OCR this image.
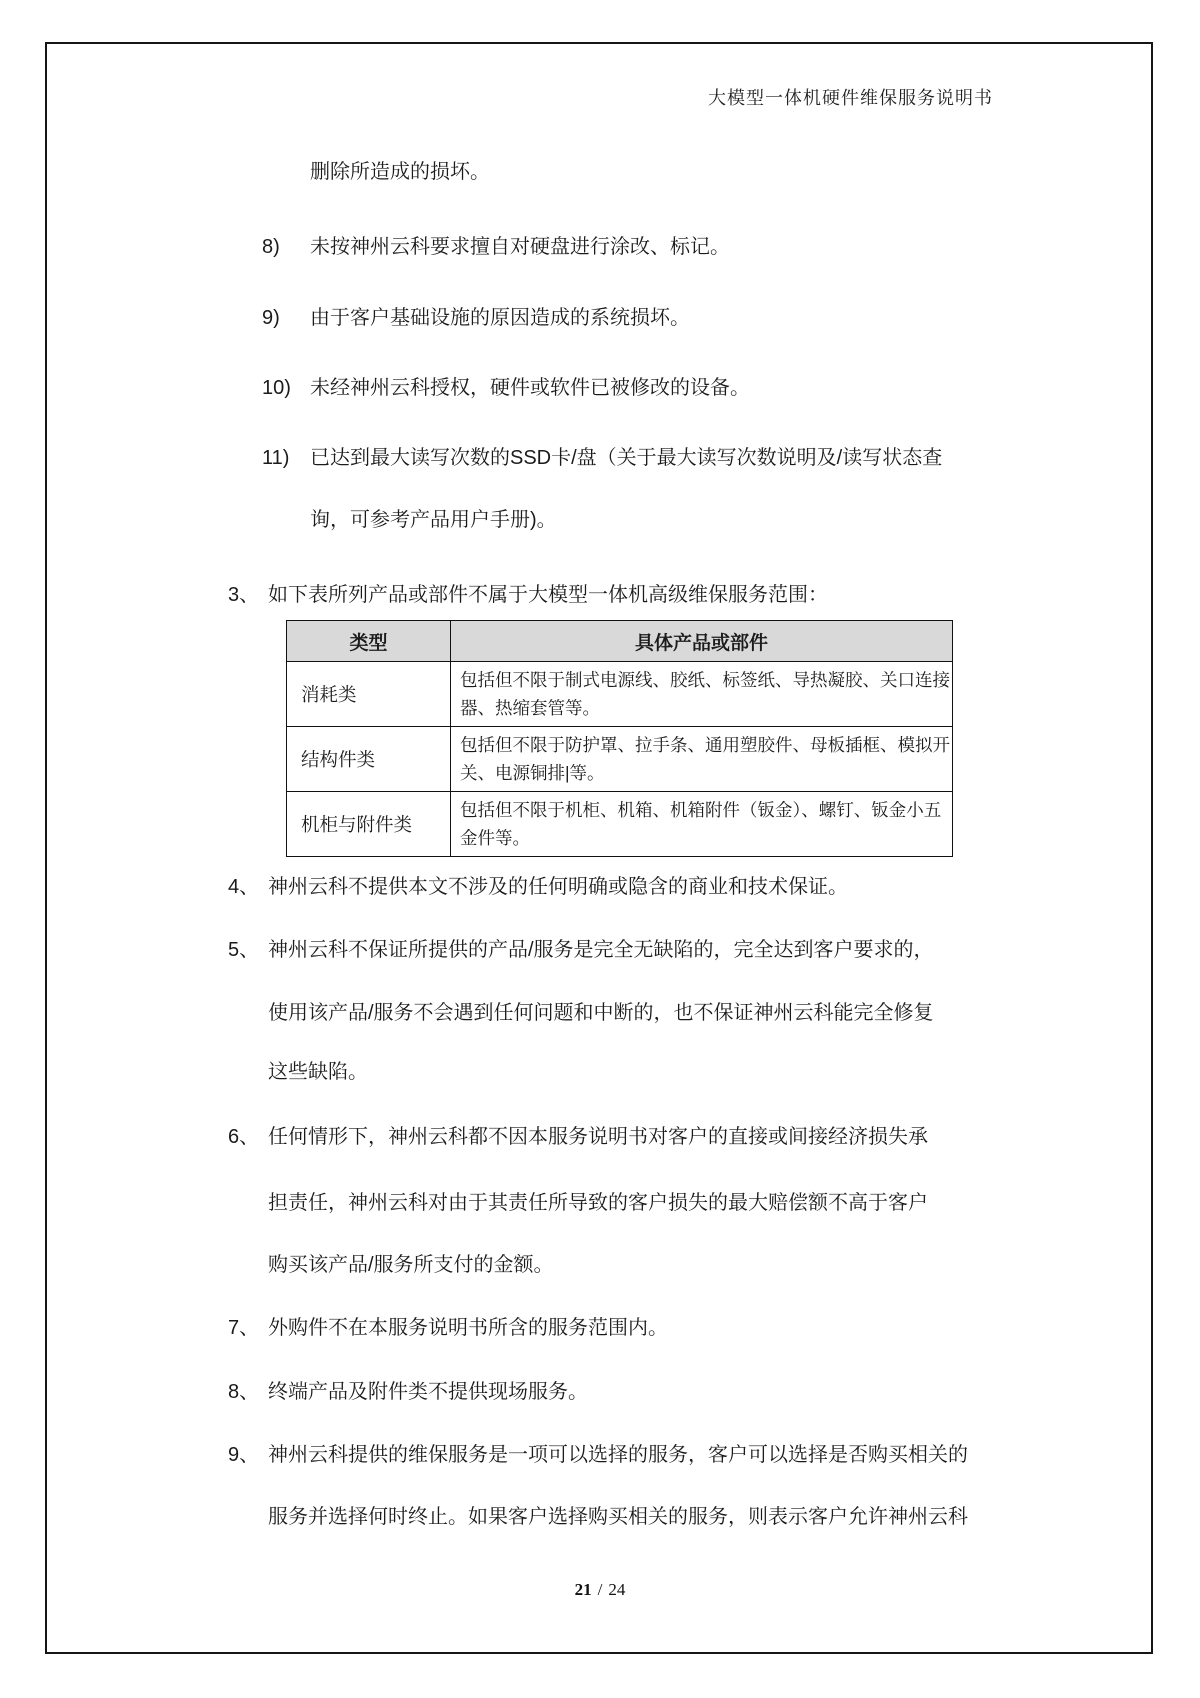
大模型一体机硬件维保服务说明书
删除所造成的损坏。
8) 未按神州云科要求擅自对硬盘进行涂改、标记。
9) 由于客户基础设施的原因造成的系统损坏。
10) 未经神州云科授权，硬件或软件已被修改的设备。
11) 已达到最大读写次数的SSD卡/盘（关于最大读写次数说明及/读写状态查
询，可参考产品用户手册)。
3、 如下表所列产品或部件不属于大模型一体机高级维保服务范围：
类型	具体产品或部件
消耗类	包括但不限于制式电源线、胶纸、标签纸、导热凝胶、关口连接器、热缩套管等。
结构件类	包括但不限于防护罩、拉手条、通用塑胶件、母板插框、模拟开关、电源铜排|等。
机柜与附件类	包括但不限于机柜、机箱、机箱附件（钣金）、螺钉、钣金小五金件等。
4、 神州云科不提供本文不涉及的任何明确或隐含的商业和技术保证。
5、 神州云科不保证所提供的产品/服务是完全无缺陷的，完全达到客户要求的，
使用该产品/服务不会遇到任何问题和中断的，也不保证神州云科能完全修复
这些缺陷。
6、 任何情形下，神州云科都不因本服务说明书对客户的直接或间接经济损失承
担责任，神州云科对由于其责任所导致的客户损失的最大赔偿额不高于客户
购买该产品/服务所支付的金额。
7、 外购件不在本服务说明书所含的服务范围内。
8、 终端产品及附件类不提供现场服务。
9、 神州云科提供的维保服务是一项可以选择的服务，客户可以选择是否购买相关的
服务并选择何时终止。如果客户选择购买相关的服务，则表示客户允许神州云科
21 / 24
